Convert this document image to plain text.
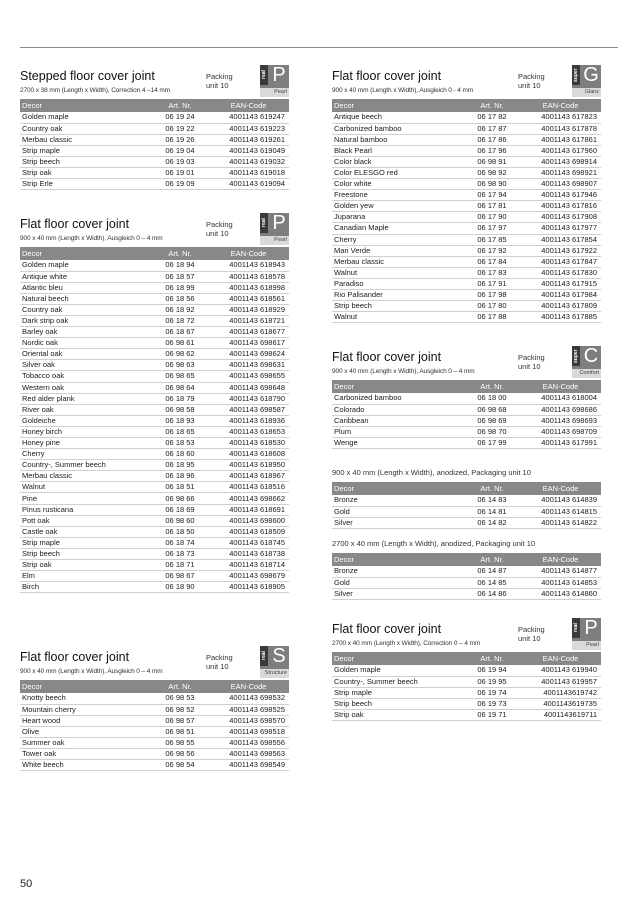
Stepped floor cover joint
2700 x 38 mm (Length x Width), Correction 4 –14 mm
Packing
unit 10
real P
Pearl
Decor	Art. Nr.	EAN-Code
Golden maple	06 19 24	4001143 619247
Country oak	06 19 22	4001143 619223
Merbau classic	06 19 26	4001143 619261
Strip maple	06 19 04	4001143 619049
Strip beech	06 19 03	4001143 619032
Strip oak	06 19 01	4001143 619018
Strip Erle	06 19 09	4001143 619094
Flat floor cover joint
900 x 40 mm (Length x Width), Ausgleich 0 – 4 mm
Packing
unit 10
real P
Pearl
Decor	Art. Nr.	EAN-Code
Golden maple	06 18 94	4001143 618943
Antique white	06 18 57	4001143 618578
Atlantic bleu	06 18 99	4001143 618998
Natural beech	06 18 56	4001143 618561
Country oak	06 18 92	4001143 618929
Dark strip oak	06 18 72	4001143 618721
Barley oak	06 18 67	4001143 618677
Nordic oak	06 98 61	4001143 698617
Oriental oak	06 98 62	4001143 698624
Silver oak	06 98 63	4001143 698631
Tobacco oak	06 98 65	4001143 698655
Western oak	06 98 64	4001143 698648
Red alder plank	06 18 79	4001143 618790
River oak	06 98 58	4001143 698587
Goldeiche	06 18 93	4001143 618936
Honey birch	06 18 65	4001143 618653
Honey pine	06 18 53	4001143 618530
Cherry	06 18 60	4001143 618608
Country-, Summer beech	06 18 95	4001143 618950
Merbau classic	06 18 96	4001143 618967
Walnut	06 18 51	4001143 618516
Pine	06 98 66	4001143 698662
Pinus rusticana	06 18 69	4001143 618691
Pott oak	06 98 60	4001143 698600
Castle oak	06 18 50	4001143 618509
Strip maple	06 18 74	4001143 618745
Strip beech	06 18 73	4001143 618738
Strip oak	06 18 71	4001143 618714
Elm	06 98 67	4001143 698679
Birch	06 18 90	4001143 618905
Flat floor cover joint
900 x 40 mm (Length x Width), Ausgleich 0 – 4 mm
Packing
unit 10
real S
Structure
Decor	Art. Nr.	EAN-Code
Knotty beech	06 98 53	4001143 698532
Mountain cherry	06 98 52	4001143 698525
Heart wood	06 98 57	4001143 698570
Olive	06 98 51	4001143 698518
Summer oak	06 98 55	4001143 698556
Tower oak	06 98 56	4001143 698563
White beech	06 98 54	4001143 698549
Flat floor cover joint
900 x 40 mm (Length x Width), Ausgleich 0 - 4 mm
Packing
unit 10
super G
Glanz
Decor	Art. Nr.	EAN-Code
Antique beech	06 17 82	4001143 617823
Carbonized bamboo	06 17 87	4001143 617878
Natural bamboo	06 17 86	4001143 617861
Black Pearl	06 17 96	4001143 617960
Color black	06 98 91	4001143 698914
Color ELESGO red	06 98 92	4001143 698921
Color white	06 98 90	4001143 698907
Freestone	06 17 94	4001143 617946
Golden yew	06 17 81	4001143 617816
Juparana	06 17 90	4001143 617908
Canadian Maple	06 17 97	4001143 617977
Cherry	06 17 85	4001143 617854
Mari Verde	06 17 92	4001143 617922
Merbau classic	06 17 84	4001143 617847
Walnut	06 17 83	4001143 617830
Paradiso	06 17 91	4001143 617915
Rio Palisander	06 17 98	4001143 617984
Strip beech	06 17 80	4001143 617809
Walnut	06 17 88	4001143 617885
Flat floor cover joint
900 x 40 mm (Length x Width), Ausgleich 0 – 4 mm
Packing
unit 10
super C
Comfort
Decor	Art. Nr.	EAN-Code
Carbonized bamboo	06 18 00	4001143 618004
Colorado	06 98 68	4001143 698686
Caribbean	06 98 69	4001143 698693
Plum	06 98 70	4001143 698709
Wenge	06 17 99	4001143 617991
900 x 40 mm (Length x Width), anodized, Packaging unit 10
Decor	Art. Nr.	EAN-Code
Bronze	06 14 83	4001143 614839
Gold	06 14 81	4001143 614815
Silver	06 14 82	4001143 614822
2700 x 40 mm (Length x Width), anodized, Packaging unit 10
Decor	Art. Nr.	EAN-Code
Bronze	06 14 87	4001143 614877
Gold	06 14 85	4001143 614853
Silver	06 14 86	4001143 614860
Flat floor cover joint
2700 x 40 mm (Length x Width), Correction 0 – 4 mm
Packing
unit 10
real P
Pearl
Decor	Art. Nr.	EAN-Code
Golden maple	06 19 94	4001143 619940
Country-, Summer beech	06 19 95	4001143 619957
Strip maple	06 19 74	4001143619742
Strip beech	06 19 73	4001143619735
Strip oak	06 19 71	4001143619711
50
